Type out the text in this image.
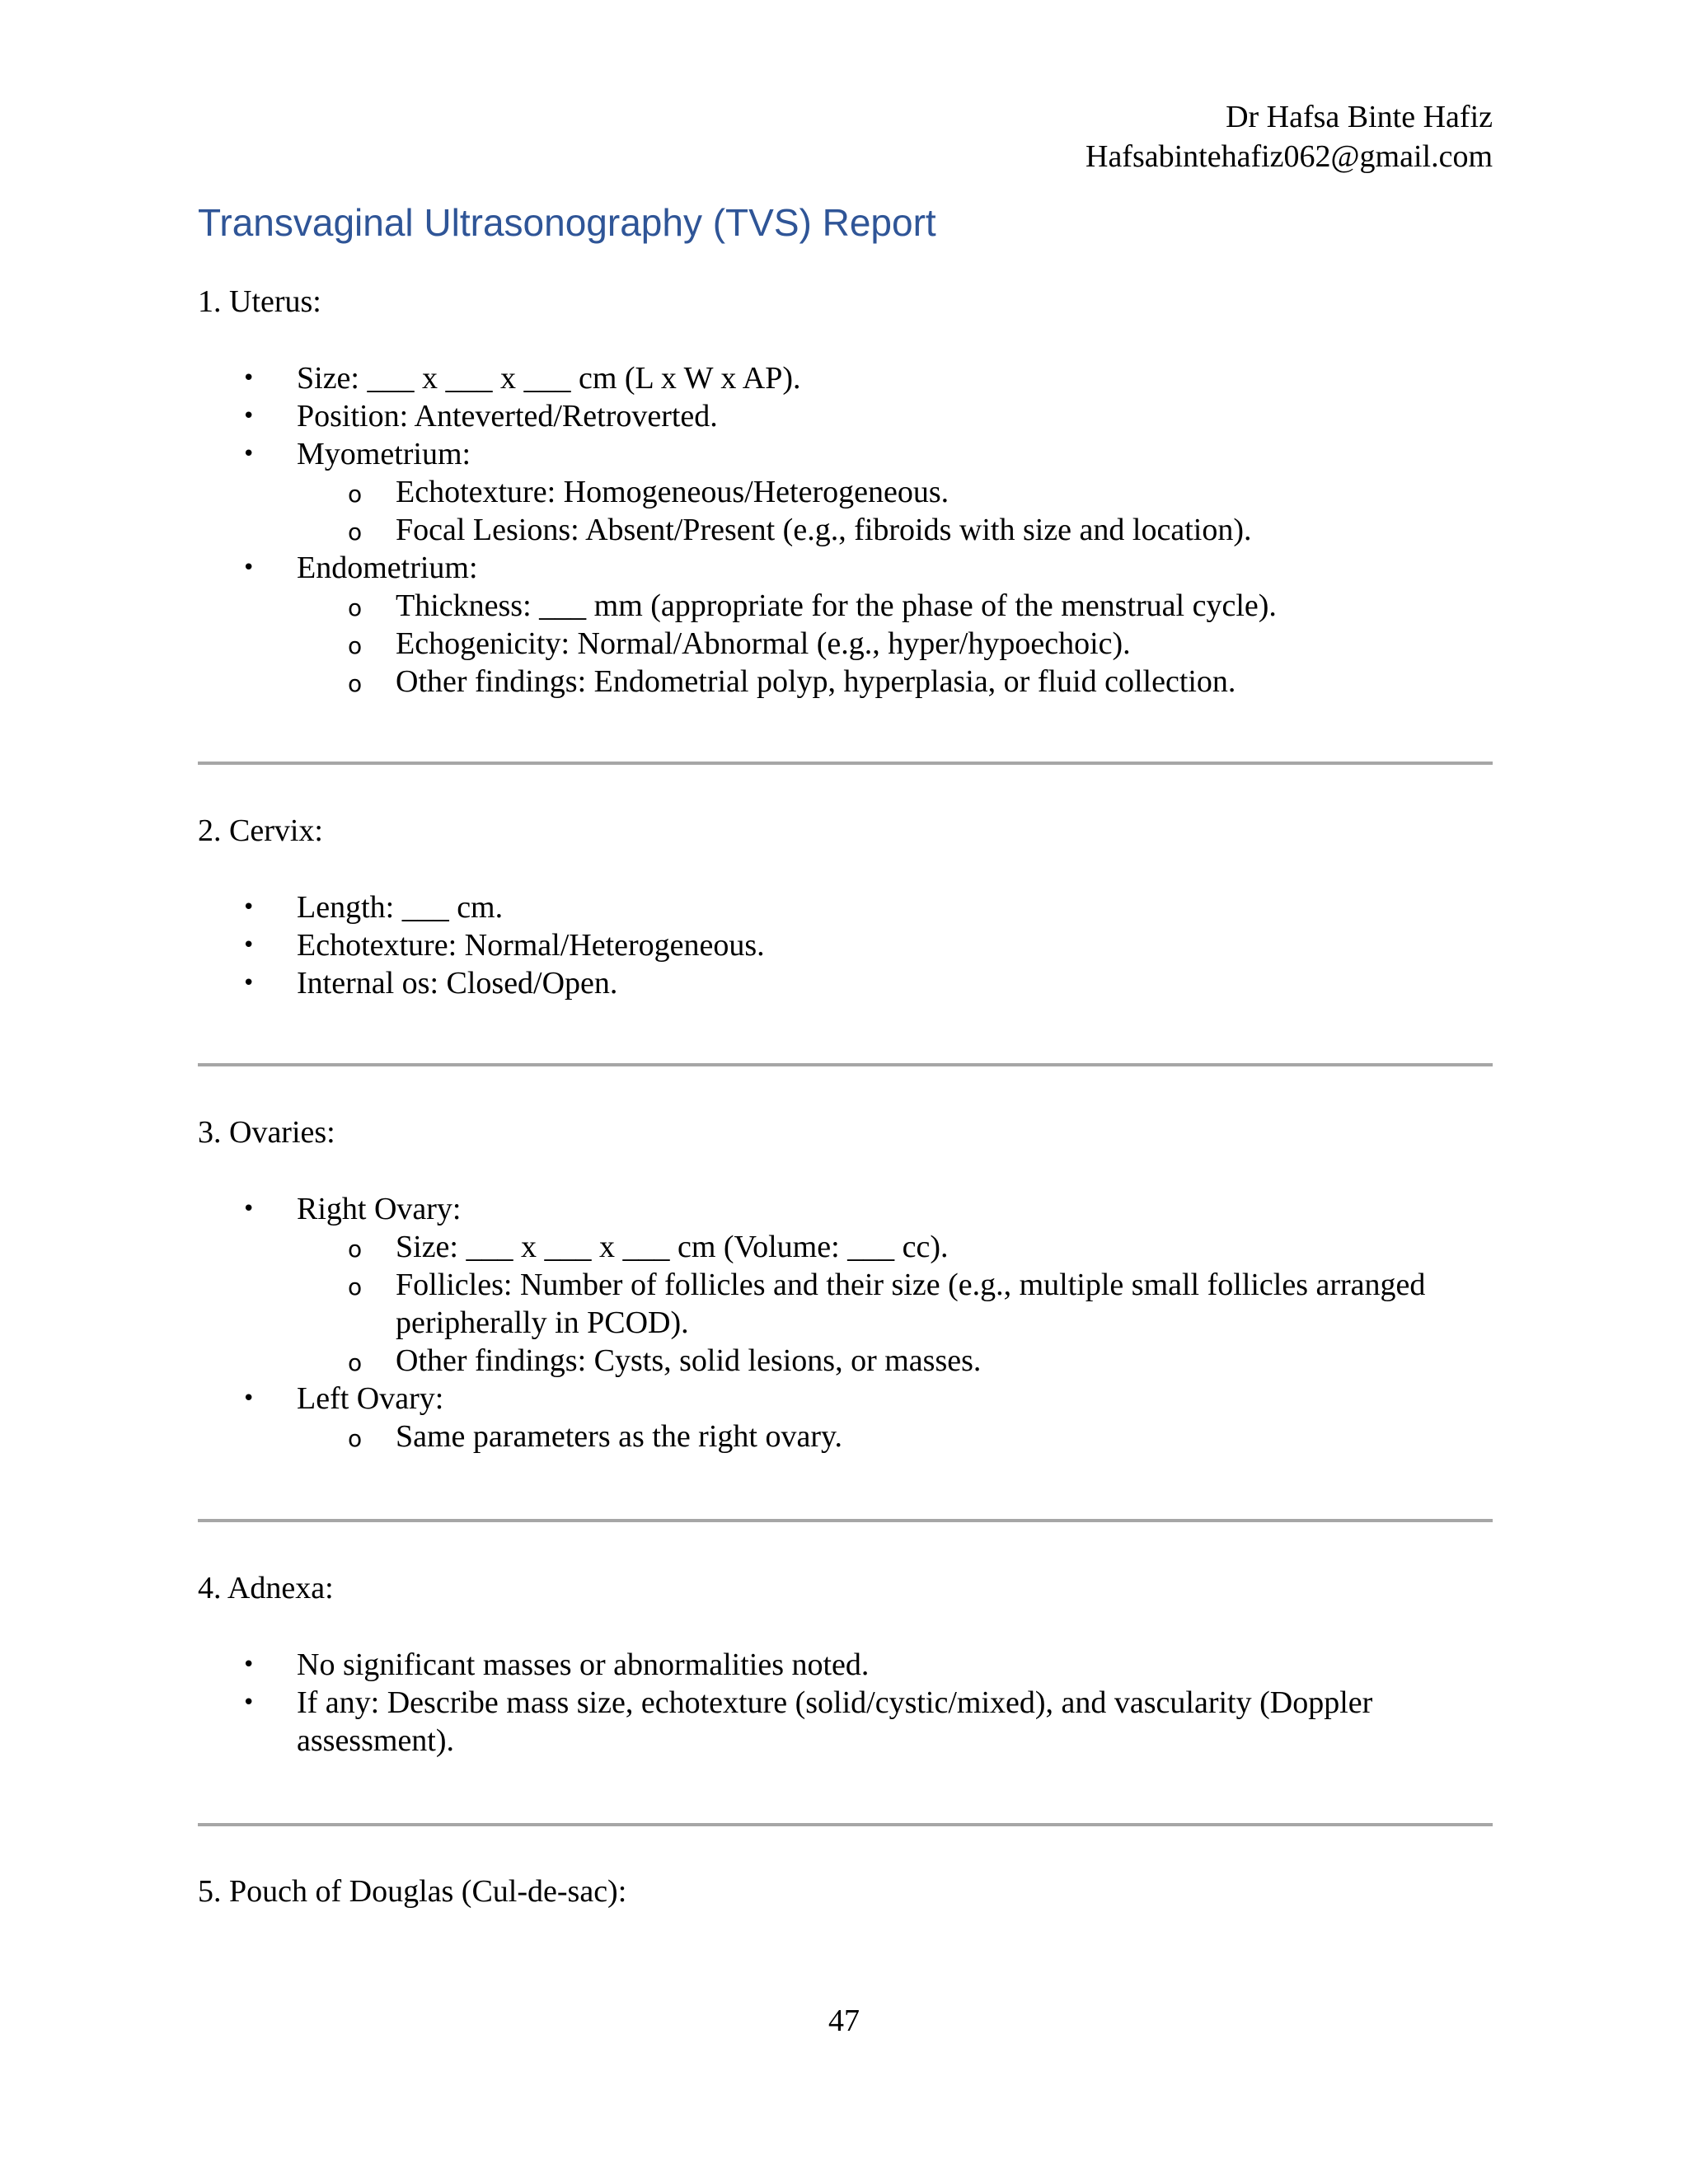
Dr Hafsa Binte Hafiz
Hafsabintehafiz062@gmail.com
Transvaginal Ultrasonography (TVS) Report

1. Uterus:

• Size: ___ x ___ x ___ cm (L x W x AP).
• Position: Anteverted/Retroverted.
• Myometrium:
o Echotexture: Homogeneous/Heterogeneous.
o Focal Lesions: Absent/Present (e.g., fibroids with size and location).
• Endometrium:
o Thickness: ___ mm (appropriate for the phase of the menstrual cycle).
o Echogenicity: Normal/Abnormal (e.g., hyper/hypoechoic).
o Other findings: Endometrial polyp, hyperplasia, or fluid collection.

2. Cervix:

• Length: ___ cm.
• Echotexture: Normal/Heterogeneous.
• Internal os: Closed/Open.

3. Ovaries:

• Right Ovary:
o Size: ___ x ___ x ___ cm (Volume: ___ cc).
o Follicles: Number of follicles and their size (e.g., multiple small follicles arranged peripherally in PCOD).
o Other findings: Cysts, solid lesions, or masses.
• Left Ovary:
o Same parameters as the right ovary.

4. Adnexa:

• No significant masses or abnormalities noted.
• If any: Describe mass size, echotexture (solid/cystic/mixed), and vascularity (Doppler assessment).

5. Pouch of Douglas (Cul-de-sac):

47
